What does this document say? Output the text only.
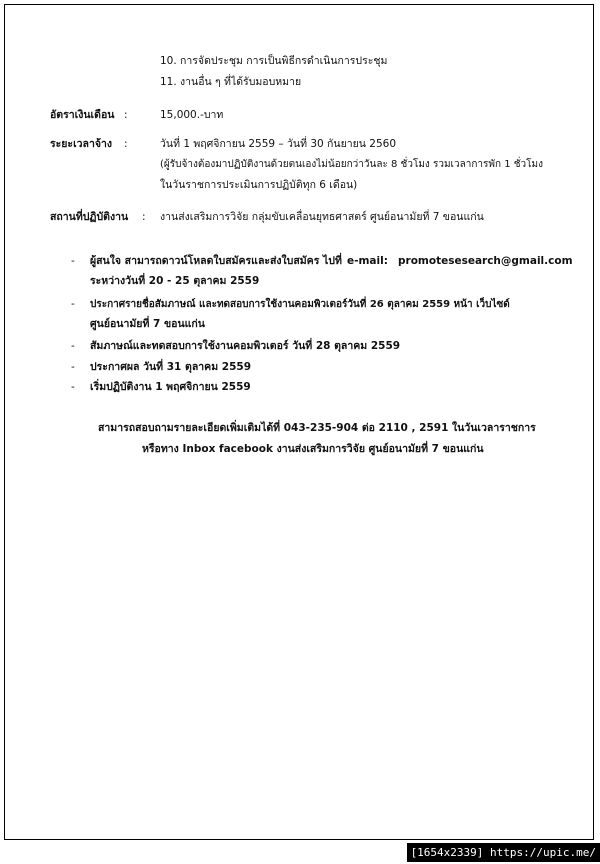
10. การจัดประชุม การเป็นพิธีกรดำเนินการประชุม
11. งานอื่น ๆ ที่ได้รับมอบหมาย
อัตราเงินเดือน :	15,000.-บาท
ระยะเวลาจ้าง :	วันที่ 1 พฤศจิกายน 2559 – วันที่ 30 กันยายน 2560
(ผู้รับจ้างต้องมาปฏิบัติงานด้วยตนเองไม่น้อยกว่าวันละ 8 ชั่วโมง รวมเวลาการพัก 1 ชั่วโมง
ในวันราชการประเมินการปฏิบัติทุก 6 เดือน)
สถานที่ปฏิบัติงาน : งานส่งเสริมการวิจัย กลุ่มขับเคลื่อนยุทธศาสตร์ ศูนย์อนามัยที่ 7 ขอนแก่น
- ผู้สนใจ สามารถดาวน์โหลดใบสมัครและส่งใบสมัคร ไปที่ e-mail: promotesesearch@gmail.com
ระหว่างวันที่ 20 - 25 ตุลาคม 2559
- ประกาศรายชื่อสัมภาษณ์ และทดสอบการใช้งานคอมพิวเตอร์วันที่ 26 ตุลาคม 2559 หน้า เว็บไซด์
ศูนย์อนามัยที่ 7 ขอนแก่น
- สัมภาษณ์และทดสอบการใช้งานคอมพิวเตอร์ วันที่ 28 ตุลาคม 2559
- ประกาศผล วันที่ 31 ตุลาคม 2559
- เริ่มปฏิบัติงาน 1 พฤศจิกายน 2559
สามารถสอบถามรายละเอียดเพิ่มเติมได้ที่ 043-235-904 ต่อ 2110 , 2591 ในวันเวลาราชการ
หรือทาง Inbox facebook งานส่งเสริมการวิจัย ศูนย์อนามัยที่ 7 ขอนแก่น
[1654x2339] https://upic.me/
